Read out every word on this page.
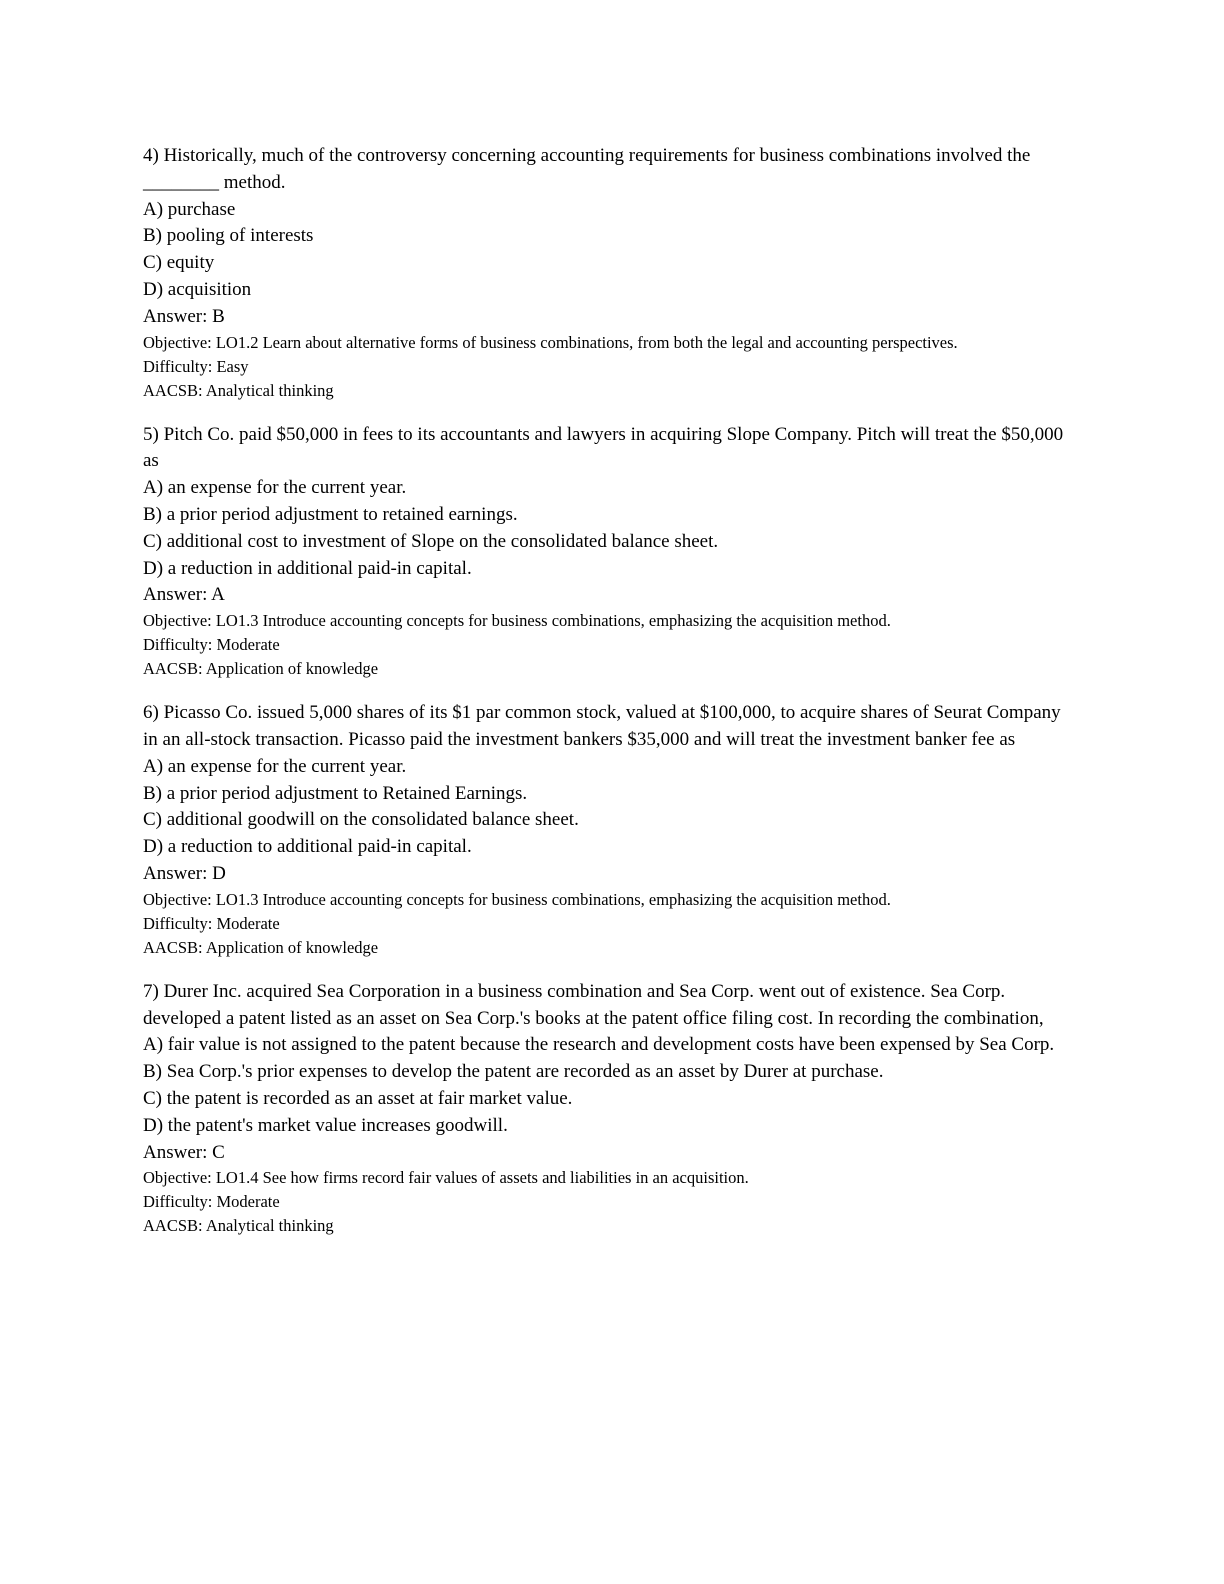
4) Historically, much of the controversy concerning accounting requirements for business combinations involved the ________ method.

A) purchase

B) pooling of interests

C) equity

D) acquisition

Answer: B

Objective: LO1.2 Learn about alternative forms of business combinations, from both the legal and accounting perspectives.

Difficulty: Easy

AACSB: Analytical thinking

5) Pitch Co. paid $50,000 in fees to its accountants and lawyers in acquiring Slope Company. Pitch will treat the $50,000 as

A) an expense for the current year.

B) a prior period adjustment to retained earnings.

C) additional cost to investment of Slope on the consolidated balance sheet.

D) a reduction in additional paid-in capital.

Answer: A

Objective: LO1.3 Introduce accounting concepts for business combinations, emphasizing the acquisition method.

Difficulty: Moderate

AACSB: Application of knowledge

6) Picasso Co. issued 5,000 shares of its $1 par common stock, valued at $100,000, to acquire shares of Seurat Company in an all-stock transaction. Picasso paid the investment bankers $35,000 and will treat the investment banker fee as

A) an expense for the current year.

B) a prior period adjustment to Retained Earnings.

C) additional goodwill on the consolidated balance sheet.

D) a reduction to additional paid-in capital.

Answer: D

Objective: LO1.3 Introduce accounting concepts for business combinations, emphasizing the acquisition method.

Difficulty: Moderate

AACSB: Application of knowledge

7) Durer Inc. acquired Sea Corporation in a business combination and Sea Corp. went out of existence. Sea Corp. developed a patent listed as an asset on Sea Corp.'s books at the patent office filing cost. In recording the combination,

A) fair value is not assigned to the patent because the research and development costs have been expensed by Sea Corp.

B) Sea Corp.'s prior expenses to develop the patent are recorded as an asset by Durer at purchase.

C) the patent is recorded as an asset at fair market value.

D) the patent's market value increases goodwill.

Answer: C

Objective: LO1.4 See how firms record fair values of assets and liabilities in an acquisition.

Difficulty: Moderate

AACSB: Analytical thinking
